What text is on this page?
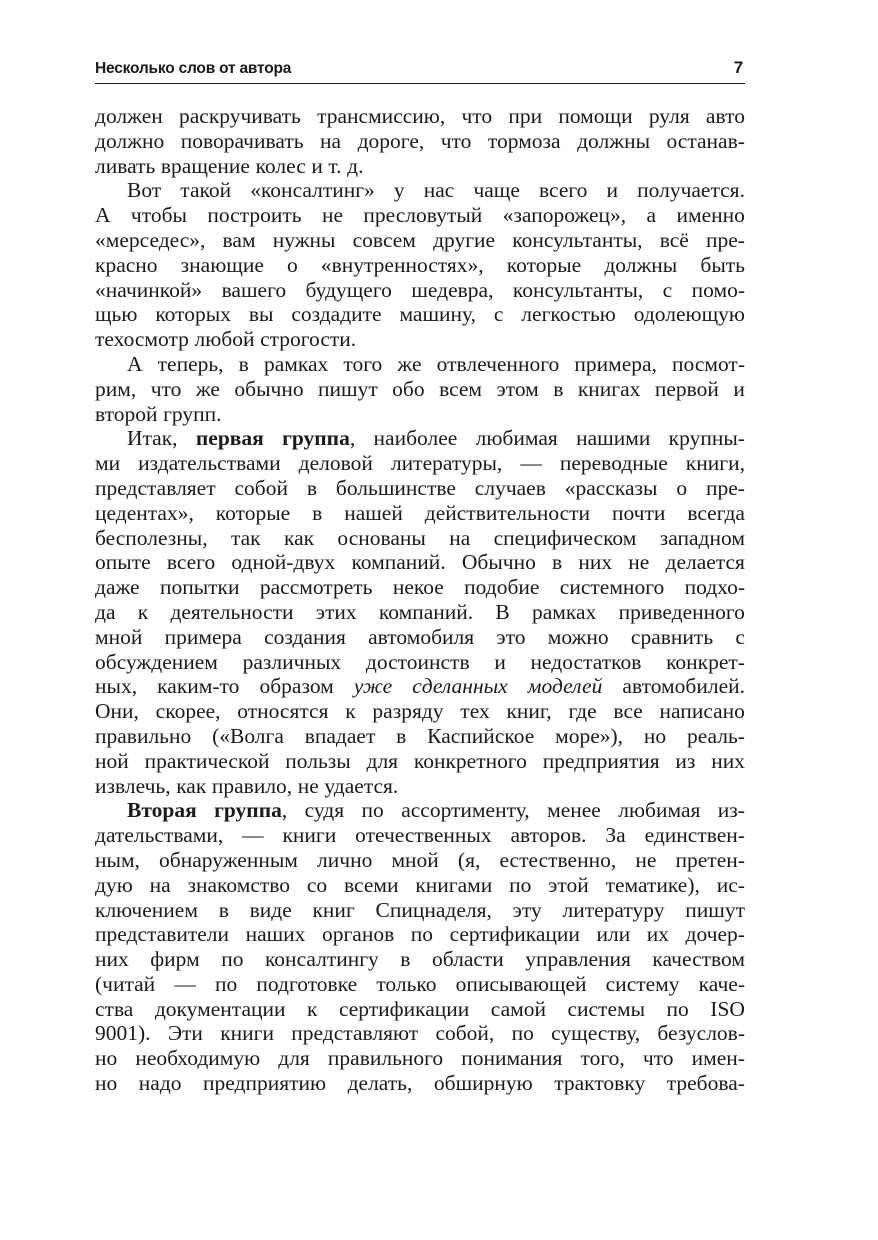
Несколько слов от автора	7
должен раскручивать трансмиссию, что при помощи руля авто
должно поворачивать на дороге, что тормоза должны останав-
ливать вращение колес и т. д.
Вот такой «консалтинг» у нас чаще всего и получается.
А чтобы построить не пресловутый «запорожец», а именно
«мерседес», вам нужны совсем другие консультанты, всё пре-
красно знающие о «внутренностях», которые должны быть
«начинкой» вашего будущего шедевра, консультанты, с помо-
щью которых вы создадите машину, с легкостью одолеющую
техосмотр любой строгости.
А теперь, в рамках того же отвлеченного примера, посмот-
рим, что же обычно пишут обо всем этом в книгах первой и
второй групп.
Итак, первая группа, наиболее любимая нашими крупны-
ми издательствами деловой литературы, — переводные книги,
представляет собой в большинстве случаев «рассказы о пре-
цедентах», которые в нашей действительности почти всегда
бесполезны, так как основаны на специфическом западном
опыте всего одной-двух компаний. Обычно в них не делается
даже попытки рассмотреть некое подобие системного подхо-
да к деятельности этих компаний. В рамках приведенного
мной примера создания автомобиля это можно сравнить с
обсуждением различных достоинств и недостатков конкрет-
ных, каким-то образом уже сделанных моделей автомобилей.
Они, скорее, относятся к разряду тех книг, где все написано
правильно («Волга впадает в Каспийское море»), но реаль-
ной практической пользы для конкретного предприятия из них
извлечь, как правило, не удается.
Вторая группа, судя по ассортименту, менее любимая из-
дательствами, — книги отечественных авторов. За единствен-
ным, обнаруженным лично мной (я, естественно, не претен-
дую на знакомство со всеми книгами по этой тематике), ис-
ключением в виде книг Спицнаделя, эту литературу пишут
представители наших органов по сертификации или их дочер-
них фирм по консалтингу в области управления качеством
(читай — по подготовке только описывающей систему каче-
ства документации к сертификации самой системы по ISO
9001). Эти книги представляют собой, по существу, безуслов-
но необходимую для правильного понимания того, что имен-
но надо предприятию делать, обширную трактовку требова-
